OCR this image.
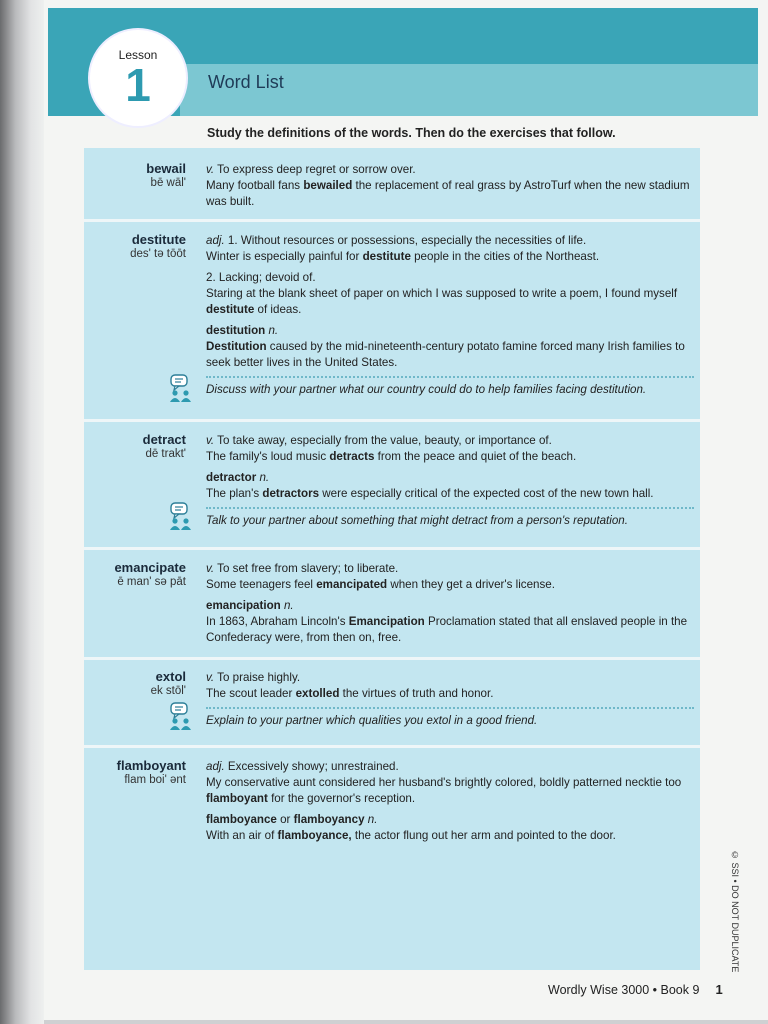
Lesson
1	Word List
Study the definitions of the words. Then do the exercises that follow.
bewail
bē wāl'

v. To express deep regret or sorrow over.

Many football fans bewailed the replacement of real grass by AstroTurf when the new stadium was built.

destitute
des' tə tōōt

adj. 1. Without resources or possessions, especially the necessities of life.

Winter is especially painful for destitute people in the cities of the Northeast.

2. Lacking; devoid of.

Staring at the blank sheet of paper on which I was supposed to write a poem, I found myself destitute of ideas.

destitution n.

Destitution caused by the mid-nineteenth-century potato famine forced many Irish families to seek better lives in the United States.

Discuss with your partner what our country could do to help families facing destitution.

detract
dē trakt'

v. To take away, especially from the value, beauty, or importance of.

The family's loud music detracts from the peace and quiet of the beach.

detractor n.

The plan's detractors were especially critical of the expected cost of the new town hall.

Talk to your partner about something that might detract from a person's reputation.

emancipate
ē man' sə pāt

v. To set free from slavery; to liberate.

Some teenagers feel emancipated when they get a driver's license.

emancipation n.

In 1863, Abraham Lincoln's Emancipation Proclamation stated that all enslaved people in the Confederacy were, from then on, free.

extol
ek stōl'

v. To praise highly.

The scout leader extolled the virtues of truth and honor.

Explain to your partner which qualities you extol in a good friend.

flamboyant
flam boi' ənt

adj. Excessively showy; unrestrained.

My conservative aunt considered her husband's brightly colored, boldly patterned necktie too flamboyant for the governor's reception.

flamboyance or flamboyancy n.

With an air of flamboyance, the actor flung out her arm and pointed to the door.

© SSI • DO NOT DUPLICATE
Wordly Wise 3000 • Book 9 1
